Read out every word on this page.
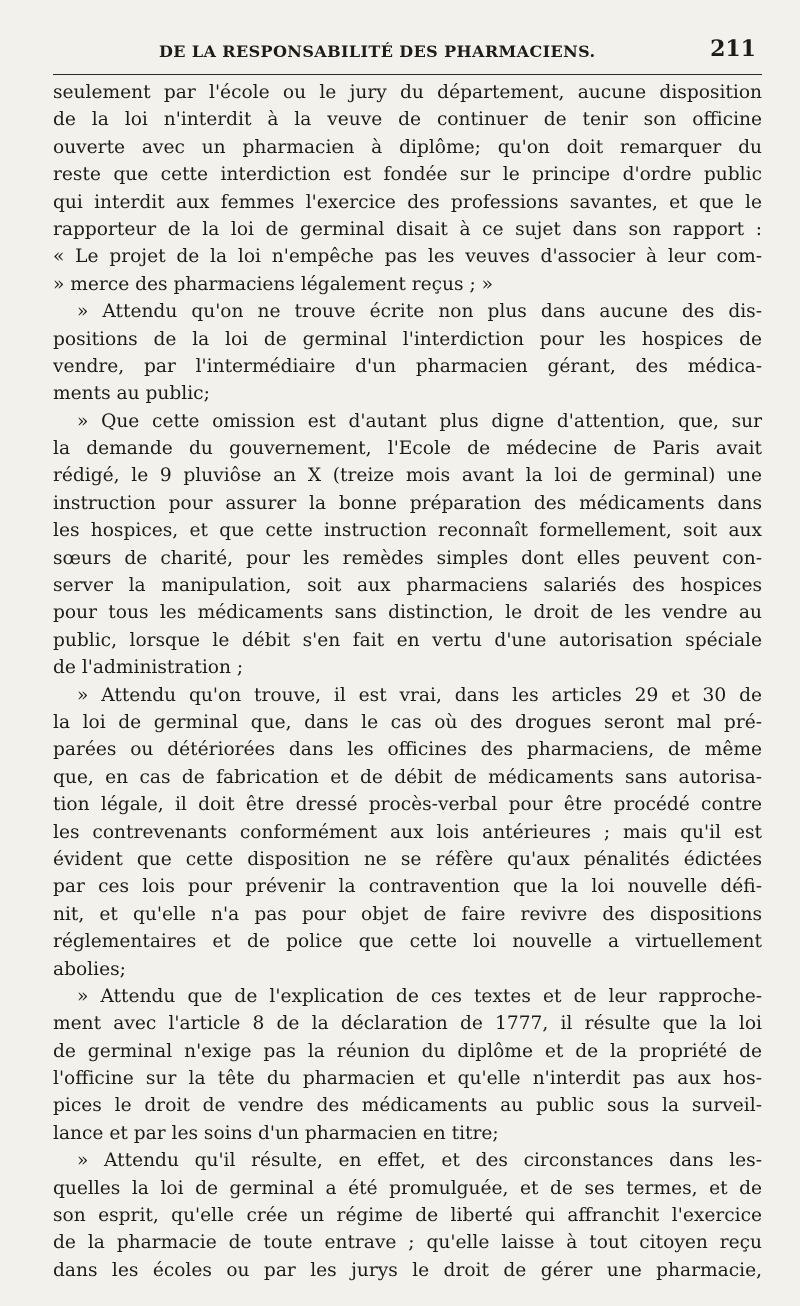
DE LA RESPONSABILITÉ DES PHARMACIENS.	211
seulement par l'école ou le jury du département, aucune disposition
de la loi n'interdit à la veuve de continuer de tenir son officine
ouverte avec un pharmacien à diplôme; qu'on doit remarquer du
reste que cette interdiction est fondée sur le principe d'ordre public
qui interdit aux femmes l'exercice des professions savantes, et que le
rapporteur de la loi de germinal disait à ce sujet dans son rapport :
« Le projet de la loi n'empêche pas les veuves d'associer à leur com-
» merce des pharmaciens légalement reçus ; »
» Attendu qu'on ne trouve écrite non plus dans aucune des dis-
positions de la loi de germinal l'interdiction pour les hospices de
vendre, par l'intermédiaire d'un pharmacien gérant, des médica-
ments au public;
» Que cette omission est d'autant plus digne d'attention, que, sur
la demande du gouvernement, l'Ecole de médecine de Paris avait
rédigé, le 9 pluviôse an X (treize mois avant la loi de germinal) une
instruction pour assurer la bonne préparation des médicaments dans
les hospices, et que cette instruction reconnaît formellement, soit aux
sœurs de charité, pour les remèdes simples dont elles peuvent con-
server la manipulation, soit aux pharmaciens salariés des hospices
pour tous les médicaments sans distinction, le droit de les vendre au
public, lorsque le débit s'en fait en vertu d'une autorisation spéciale
de l'administration ;
» Attendu qu'on trouve, il est vrai, dans les articles 29 et 30 de
la loi de germinal que, dans le cas où des drogues seront mal pré-
parées ou détériorées dans les officines des pharmaciens, de même
que, en cas de fabrication et de débit de médicaments sans autorisa-
tion légale, il doit être dressé procès-verbal pour être procédé contre
les contrevenants conformément aux lois antérieures ; mais qu'il est
évident que cette disposition ne se réfère qu'aux pénalités édictées
par ces lois pour prévenir la contravention que la loi nouvelle défi-
nit, et qu'elle n'a pas pour objet de faire revivre des dispositions
réglementaires et de police que cette loi nouvelle a virtuellement
abolies;
» Attendu que de l'explication de ces textes et de leur rapproche-
ment avec l'article 8 de la déclaration de 1777, il résulte que la loi
de germinal n'exige pas la réunion du diplôme et de la propriété de
l'officine sur la tête du pharmacien et qu'elle n'interdit pas aux hos-
pices le droit de vendre des médicaments au public sous la surveil-
lance et par les soins d'un pharmacien en titre;
» Attendu qu'il résulte, en effet, et des circonstances dans les-
quelles la loi de germinal a été promulguée, et de ses termes, et de
son esprit, qu'elle crée un régime de liberté qui affranchit l'exercice
de la pharmacie de toute entrave ; qu'elle laisse à tout citoyen reçu
dans les écoles ou par les jurys le droit de gérer une pharmacie,
